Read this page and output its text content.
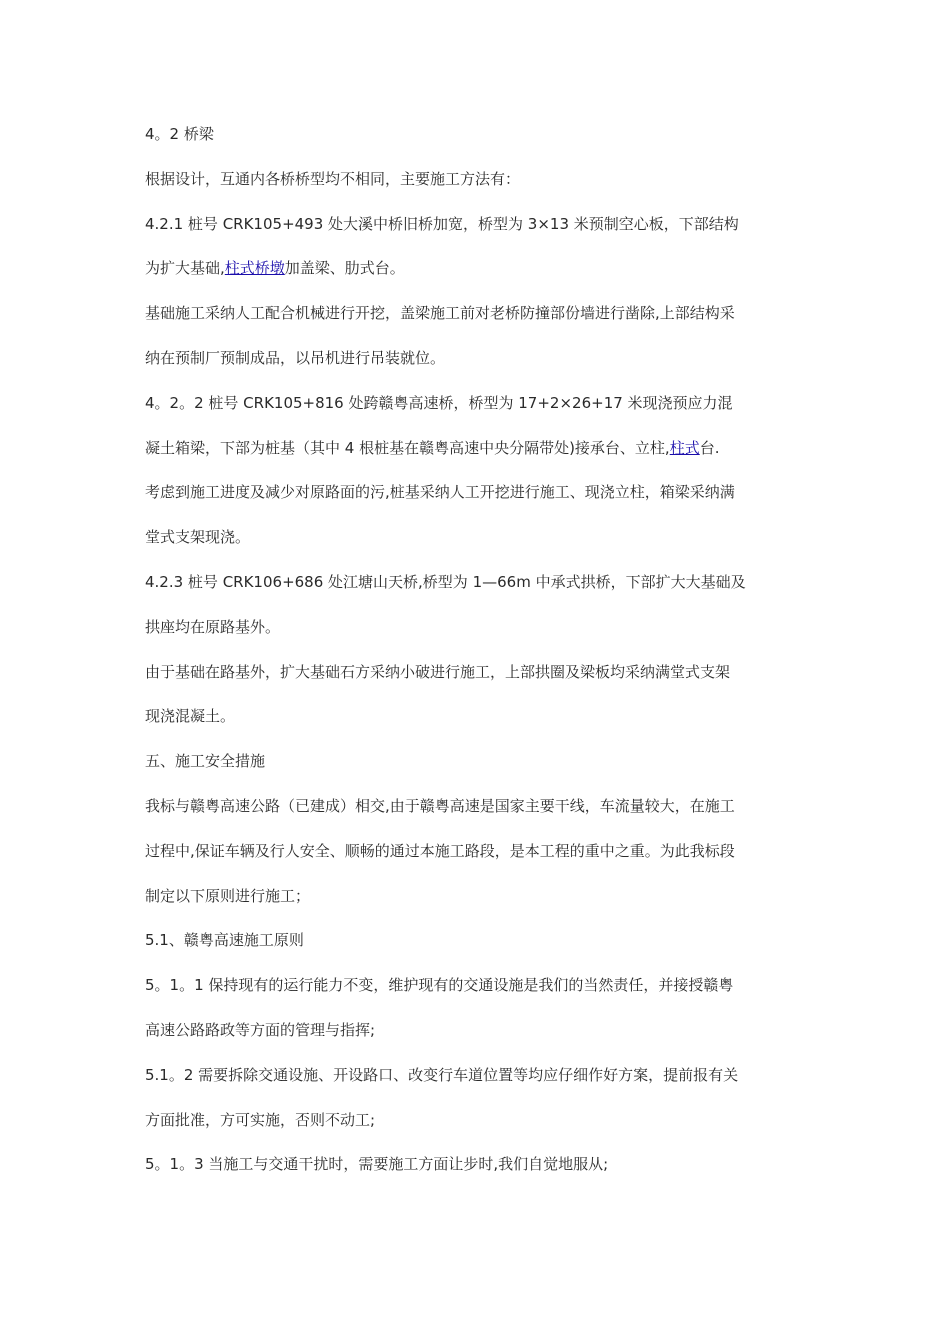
4。2 桥梁

根据设计，互通内各桥桥型均不相同，主要施工方法有：

4.2.1 桩号 CRK105+493 处大溪中桥旧桥加宽，桥型为 3×13 米预制空心板，下部结构

为扩大基础,柱式桥墩加盖梁、肋式台。

基础施工采纳人工配合机械进行开挖，盖梁施工前对老桥防撞部份墙进行凿除,上部结构采

纳在预制厂预制成品，以吊机进行吊装就位。

4。2。2 桩号 CRK105+816 处跨赣粤高速桥，桥型为 17+2×26+17 米现浇预应力混

凝土箱梁，下部为桩基（其中 4 根桩基在赣粤高速中央分隔带处)接承台、立柱,柱式台.

考虑到施工进度及减少对原路面的污,桩基采纳人工开挖进行施工、现浇立柱，箱梁采纳满

堂式支架现浇。

4.2.3 桩号 CRK106+686 处江塘山天桥,桥型为 1—66m 中承式拱桥，下部扩大大基础及

拱座均在原路基外。

由于基础在路基外，扩大基础石方采纳小破进行施工，上部拱圈及梁板均采纳满堂式支架

现浇混凝土。

五、施工安全措施

我标与赣粤高速公路（已建成）相交,由于赣粤高速是国家主要干线，车流量较大，在施工

过程中,保证车辆及行人安全、顺畅的通过本施工路段，是本工程的重中之重。为此我标段

制定以下原则进行施工；

5.1、赣粤高速施工原则

5。1。1 保持现有的运行能力不变，维护现有的交通设施是我们的当然责任，并接授赣粤

高速公路路政等方面的管理与指挥;

5.1。2 需要拆除交通设施、开设路口、改变行车道位置等均应仔细作好方案，提前报有关

方面批准，方可实施，否则不动工;

5。1。3 当施工与交通干扰时，需要施工方面让步时,我们自觉地服从;
